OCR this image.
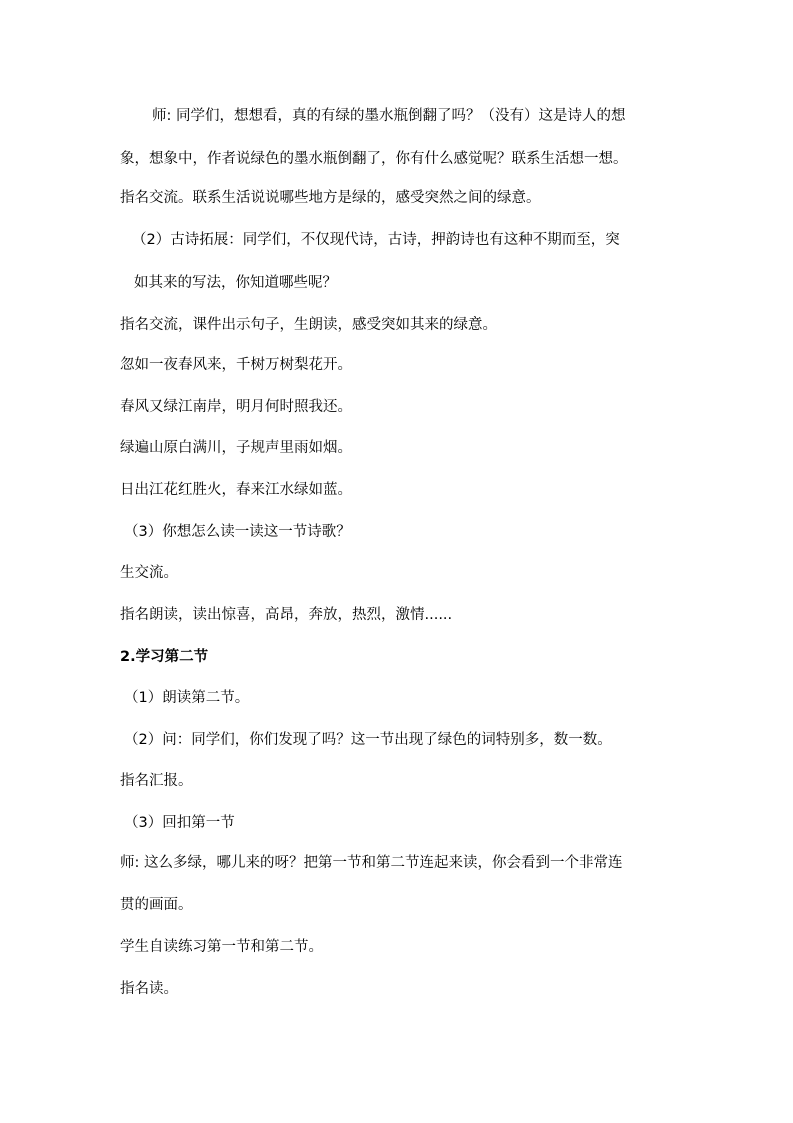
师: 同学们，想想看，真的有绿的墨水瓶倒翻了吗？（没有）这是诗人的想
象，想象中，作者说绿色的墨水瓶倒翻了，你有什么感觉呢？联系生活想一想。
指名交流。联系生活说说哪些地方是绿的，感受突然之间的绿意。
（2）古诗拓展：同学们，不仅现代诗，古诗，押韵诗也有这种不期而至，突
如其来的写法，你知道哪些呢？
指名交流，课件出示句子，生朗读，感受突如其来的绿意。
忽如一夜春风来，千树万树梨花开。
春风又绿江南岸，明月何时照我还。
绿遍山原白满川，子规声里雨如烟。
日出江花红胜火，春来江水绿如蓝。
（3）你想怎么读一读这一节诗歌？
生交流。
指名朗读，读出惊喜，高昂，奔放，热烈，激情......
2.学习第二节
（1）朗读第二节。
（2）问：同学们，你们发现了吗？这一节出现了绿色的词特别多，数一数。
指名汇报。
（3）回扣第一节
师: 这么多绿，哪儿来的呀？把第一节和第二节连起来读，你会看到一个非常连
贯的画面。
学生自读练习第一节和第二节。
指名读。
